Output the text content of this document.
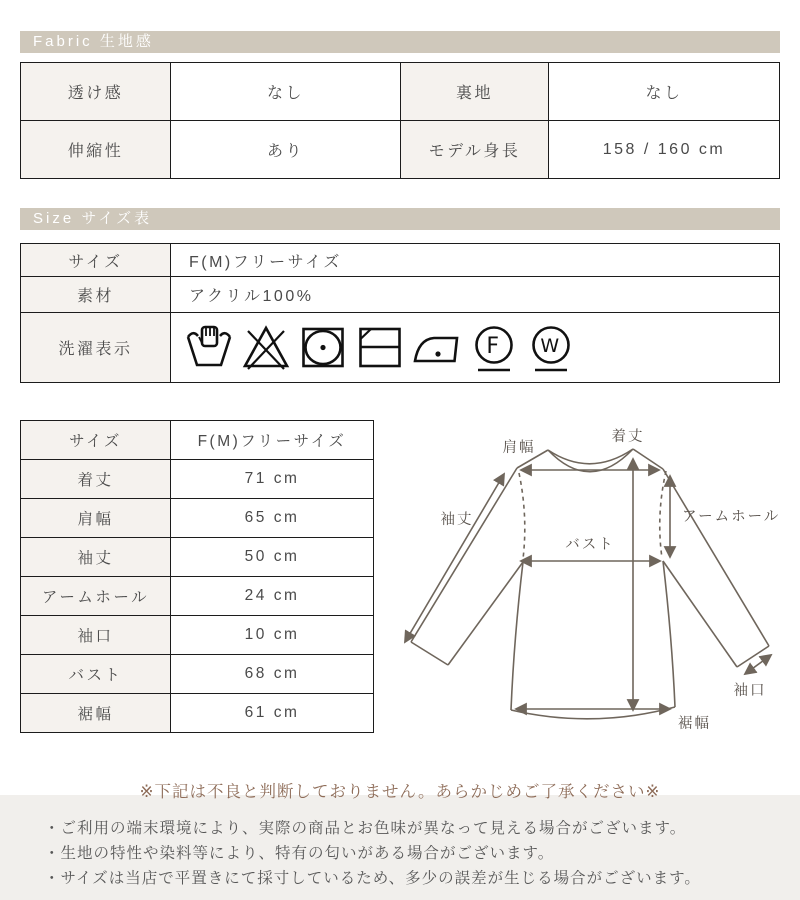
Fabric 生地感
透け感	なし	裏地	なし
伸縮性	あり	モデル身長	158 / 160 cm
Size サイズ表
サイズ	F(M)フリーサイズ
素材	アクリル100%
洗濯表示	F W
サイズ	F(M)フリーサイズ
着丈	71 cm
肩幅	65 cm
袖丈	50 cm
アームホール	24 cm
袖口	10 cm
バスト	68 cm
裾幅	61 cm
着丈
肩幅
袖丈	アームホール
バスト
袖口
裾幅
※下記は不良と判断しておりません。あらかじめご了承ください※
・ご利用の端末環境により、実際の商品とお色味が異なって見える場合がございます。
・生地の特性や染料等により、特有の匂いがある場合がございます。
・サイズは当店で平置きにて採寸しているため、多少の誤差が生じる場合がございます。
